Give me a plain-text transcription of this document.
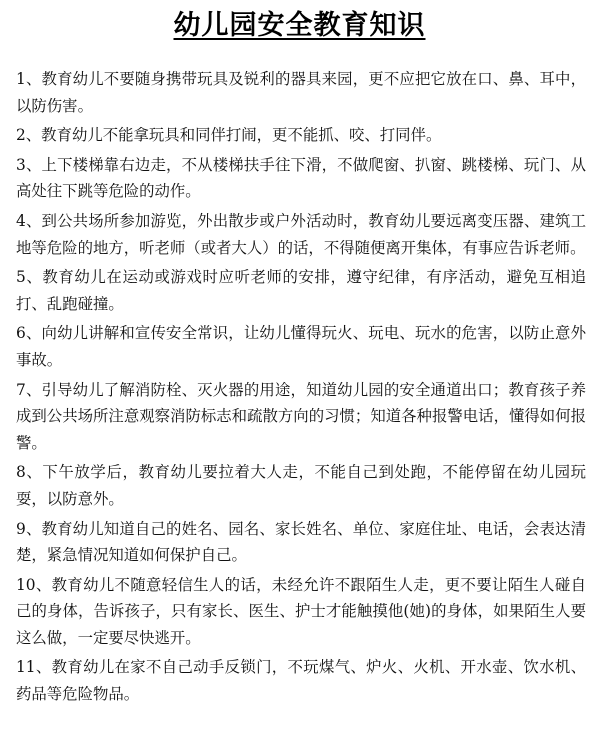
幼儿园安全教育知识
1、教育幼儿不要随身携带玩具及锐利的器具来园，更不应把它放在口、鼻、耳中，以防伤害。
2、教育幼儿不能拿玩具和同伴打闹，更不能抓、咬、打同伴。
3、上下楼梯靠右边走，不从楼梯扶手往下滑，不做爬窗、扒窗、跳楼梯、玩门、从高处往下跳等危险的动作。
4、到公共场所参加游览，外出散步或户外活动时，教育幼儿要远离变压器、建筑工地等危险的地方，听老师（或者大人）的话，不得随便离开集体，有事应告诉老师。
5、教育幼儿在运动或游戏时应听老师的安排，遵守纪律，有序活动，避免互相追打、乱跑碰撞。
6、向幼儿讲解和宣传安全常识，让幼儿懂得玩火、玩电、玩水的危害，以防止意外事故。
7、引导幼儿了解消防栓、灭火器的用途，知道幼儿园的安全通道出口；教育孩子养成到公共场所注意观察消防标志和疏散方向的习惯；知道各种报警电话，懂得如何报警。
8、下午放学后，教育幼儿要拉着大人走，不能自己到处跑，不能停留在幼儿园玩耍，以防意外。
9、教育幼儿知道自己的姓名、园名、家长姓名、单位、家庭住址、电话，会表达清楚，紧急情况知道如何保护自己。
10、教育幼儿不随意轻信生人的话，未经允许不跟陌生人走，更不要让陌生人碰自己的身体，告诉孩子，只有家长、医生、护士才能触摸他(她)的身体，如果陌生人要这么做，一定要尽快逃开。
11、教育幼儿在家不自己动手反锁门，不玩煤气、炉火、火机、开水壶、饮水机、药品等危险物品。
